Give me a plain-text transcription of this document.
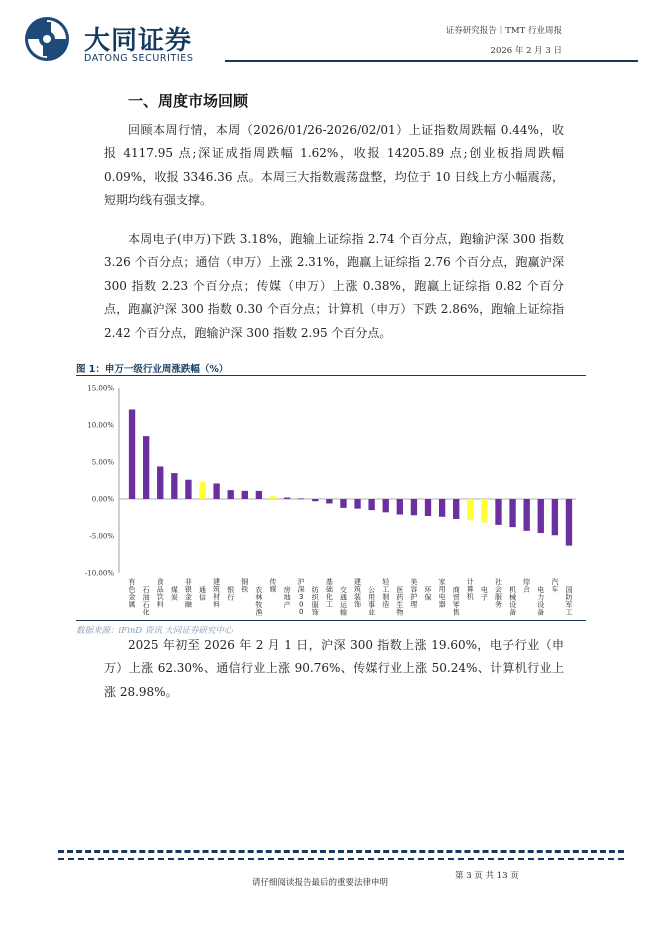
大同证券
DATONG SECURITIES
证券研究报告｜TMT 行业周报
2026 年 2 月 3 日
一、周度市场回顾

回顾本周行情，本周（2026/01/26-2026/02/01）上证指数周跌幅 0.44%，收报 4117.95 点;深证成指周跌幅 1.62%，收报 14205.89 点;创业板指周跌幅 0.09%，收报 3346.36 点。本周三大指数震荡盘整，均位于 10 日线上方小幅震荡，短期均线有强支撑。

本周电子(申万)下跌 3.18%，跑输上证综指 2.74 个百分点，跑输沪深 300 指数 3.26 个百分点；通信（申万）上涨 2.31%，跑赢上证综指 2.76 个百分点，跑赢沪深 300 指数 2.23 个百分点；传媒（申万）上涨 0.38%，跑赢上证综指 0.82 个百分点，跑赢沪深 300 指数 0.30 个百分点；计算机（申万）下跌 2.86%，跑输上证综指 2.42 个百分点，跑输沪深 300 指数 2.95 个百分点。

图 1：申万一级行业周涨跌幅（%）
15.00%
10.00%
5.00%
0.00%
-5.00%
-10.00%
有色金属
石油石化
食品饮料
煤炭
非银金融
通信
建筑材料
银行
钢铁 农林牧渔
传媒 房地产
沪深 3 0 0
纺织服饰
基础化工
交通运输
建筑装饰
公用事业
轻工制造
医药生物
美容护理
环保
家用电器
商贸零售
计算机
电子
社会服务
机械设备
综合 电力设备
汽车 国防军工
数据来源：iFinD 资讯 大同证券研究中心

2025 年初至 2026 年 2 月 1 日，沪深 300 指数上涨 19.60%，电子行业（申万）上涨 62.30%、通信行业上涨 90.76%、传媒行业上涨 50.24%、计算机行业上涨 28.98%。

请仔细阅读报告最后的重要法律申明
第 3 页 共 13 页
